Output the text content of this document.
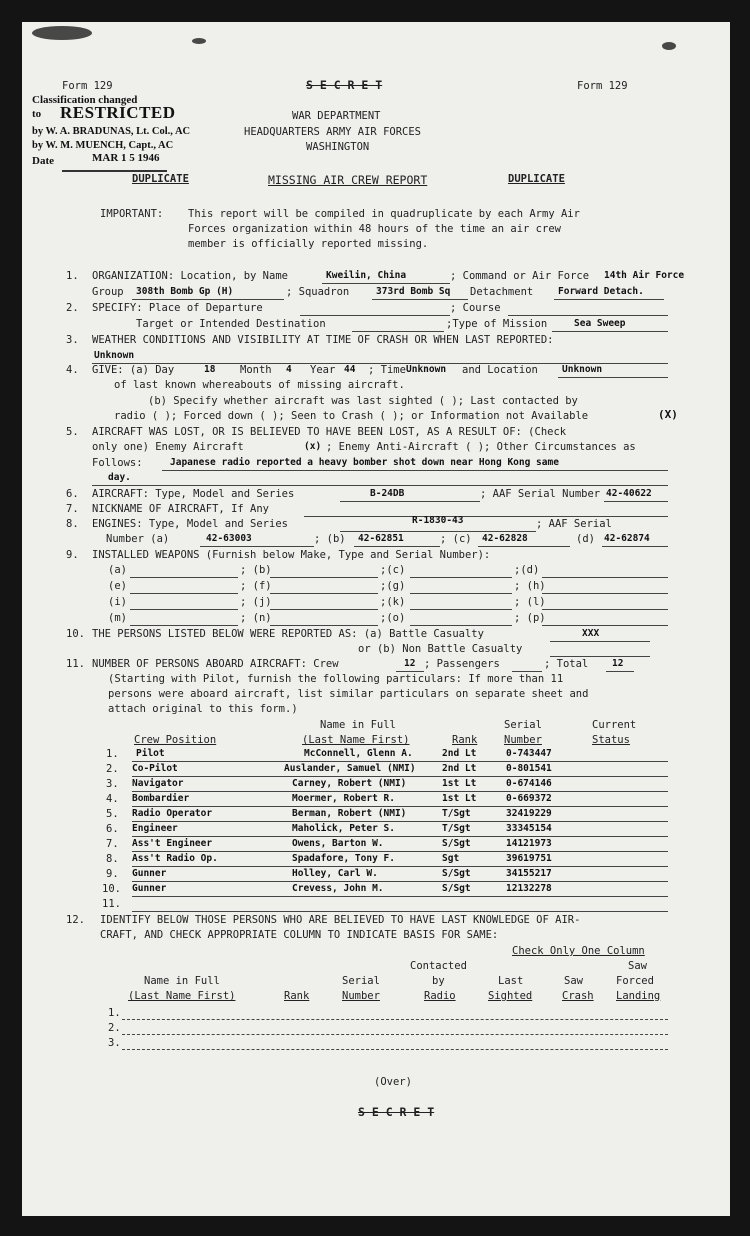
Form 129	Form 129
S E C R E T
Classification changed
to RESTRICTED
by W. A. BRADUNAS, Lt. Col., AC
by W. M. MUENCH, Capt., AC
Date	MAR 1 5 1946
WAR DEPARTMENT
HEADQUARTERS ARMY AIR FORCES
WASHINGTON
DUPLICATE	MISSING AIR CREW REPORT	DUPLICATE
IMPORTANT: This report will be compiled in quadruplicate by each Army Air
Forces organization within 48 hours of the time an air crew
member is officially reported missing.
1. ORGANIZATION: Location, by Name	Kweilin, China	; Command or Air Force 14th Air Force
Group 308th Bomb Gp (H)	; Squadron	373rd Bomb Sq Detachment	Forward Detach.
2. SPECIFY: Place of Departure	; Course
Target or Intended Destination	;Type of Mission	Sea Sweep
3. WEATHER CONDITIONS AND VISIBILITY AT TIME OF CRASH OR WHEN LAST REPORTED:
Unknown
4. GIVE: (a) Day	18 Month 4 Year 44 ; Time Unknown and Location	Unknown
of last known whereabouts of missing aircraft.
(b) Specify whether aircraft was last sighted ( ); Last contacted by
radio ( ); Forced down ( ); Seen to Crash ( ); or Information not Available	(X)
5. AIRCRAFT WAS LOST, OR IS BELIEVED TO HAVE BEEN LOST, AS A RESULT OF: (Check
only one) Enemy Aircraft	(x) ; Enemy Anti-Aircraft ( ); Other Circumstances as
Follows:	Japanese radio reported a heavy bomber shot down near Hong Kong same
day.
6. AIRCRAFT: Type, Model and Series	B-24DB	; AAF Serial Number 42-40622
7. NICKNAME OF AIRCRAFT, If Any
8. ENGINES: Type, Model and Series	R-1830-43	; AAF Serial
Number (a)	42-63003	; (b) 42-62851	; (c) 42-62828	(d) 42-62874
9. INSTALLED WEAPONS (Furnish below Make, Type and Serial Number):
(a)	; (b)	;(c)	;(d)
(e)	; (f)	;(g)	; (h)
(i)	; (j)	;(k)	; (l)
(m)	; (n)	;(o)	; (p)
10. THE PERSONS LISTED BELOW WERE REPORTED AS: (a) Battle Casualty	XXX
or (b) Non Battle Casualty
11. NUMBER OF PERSONS ABOARD AIRCRAFT: Crew	12 ; Passengers	; Total 12
(Starting with Pilot, furnish the following particulars: If more than 11
persons were aboard aircraft, list similar particulars on separate sheet and
attach original to this form.)
Name in Full	Serial	Current
Crew Position	(Last Name First)	Rank	Number	Status
1. Pilot	McConnell, Glenn A.	2nd Lt	0-743447
2. Co-Pilot	Auslander, Samuel (NMI)	2nd Lt	0-801541
3. Navigator	Carney, Robert (NMI)	1st Lt	0-674146
4. Bombardier	Moermer, Robert R.	1st Lt	0-669372
5. Radio Operator	Berman, Robert (NMI)	T/Sgt	32419229
6. Engineer	Maholick, Peter S.	T/Sgt	33345154
7. Ass't Engineer	Owens, Barton W.	S/Sgt	14121973
8. Ass't Radio Op.	Spadafore, Tony F.	Sgt	39619751
9. Gunner	Holley, Carl W.	S/Sgt	34155217
10. Gunner	Crevess, John M.	S/Sgt	12132278
11.
12. IDENTIFY BELOW THOSE PERSONS WHO ARE BELIEVED TO HAVE LAST KNOWLEDGE OF AIR-
CRAFT, AND CHECK APPROPRIATE COLUMN TO INDICATE BASIS FOR SAME:
Check Only One Column
Contacted	Saw
Name in Full	Serial	by	Last	Saw	Forced
(Last Name First)	Rank	Number	Radio	Sighted	Crash Landing
1.
2.
3.
(Over)
S E C R E T
